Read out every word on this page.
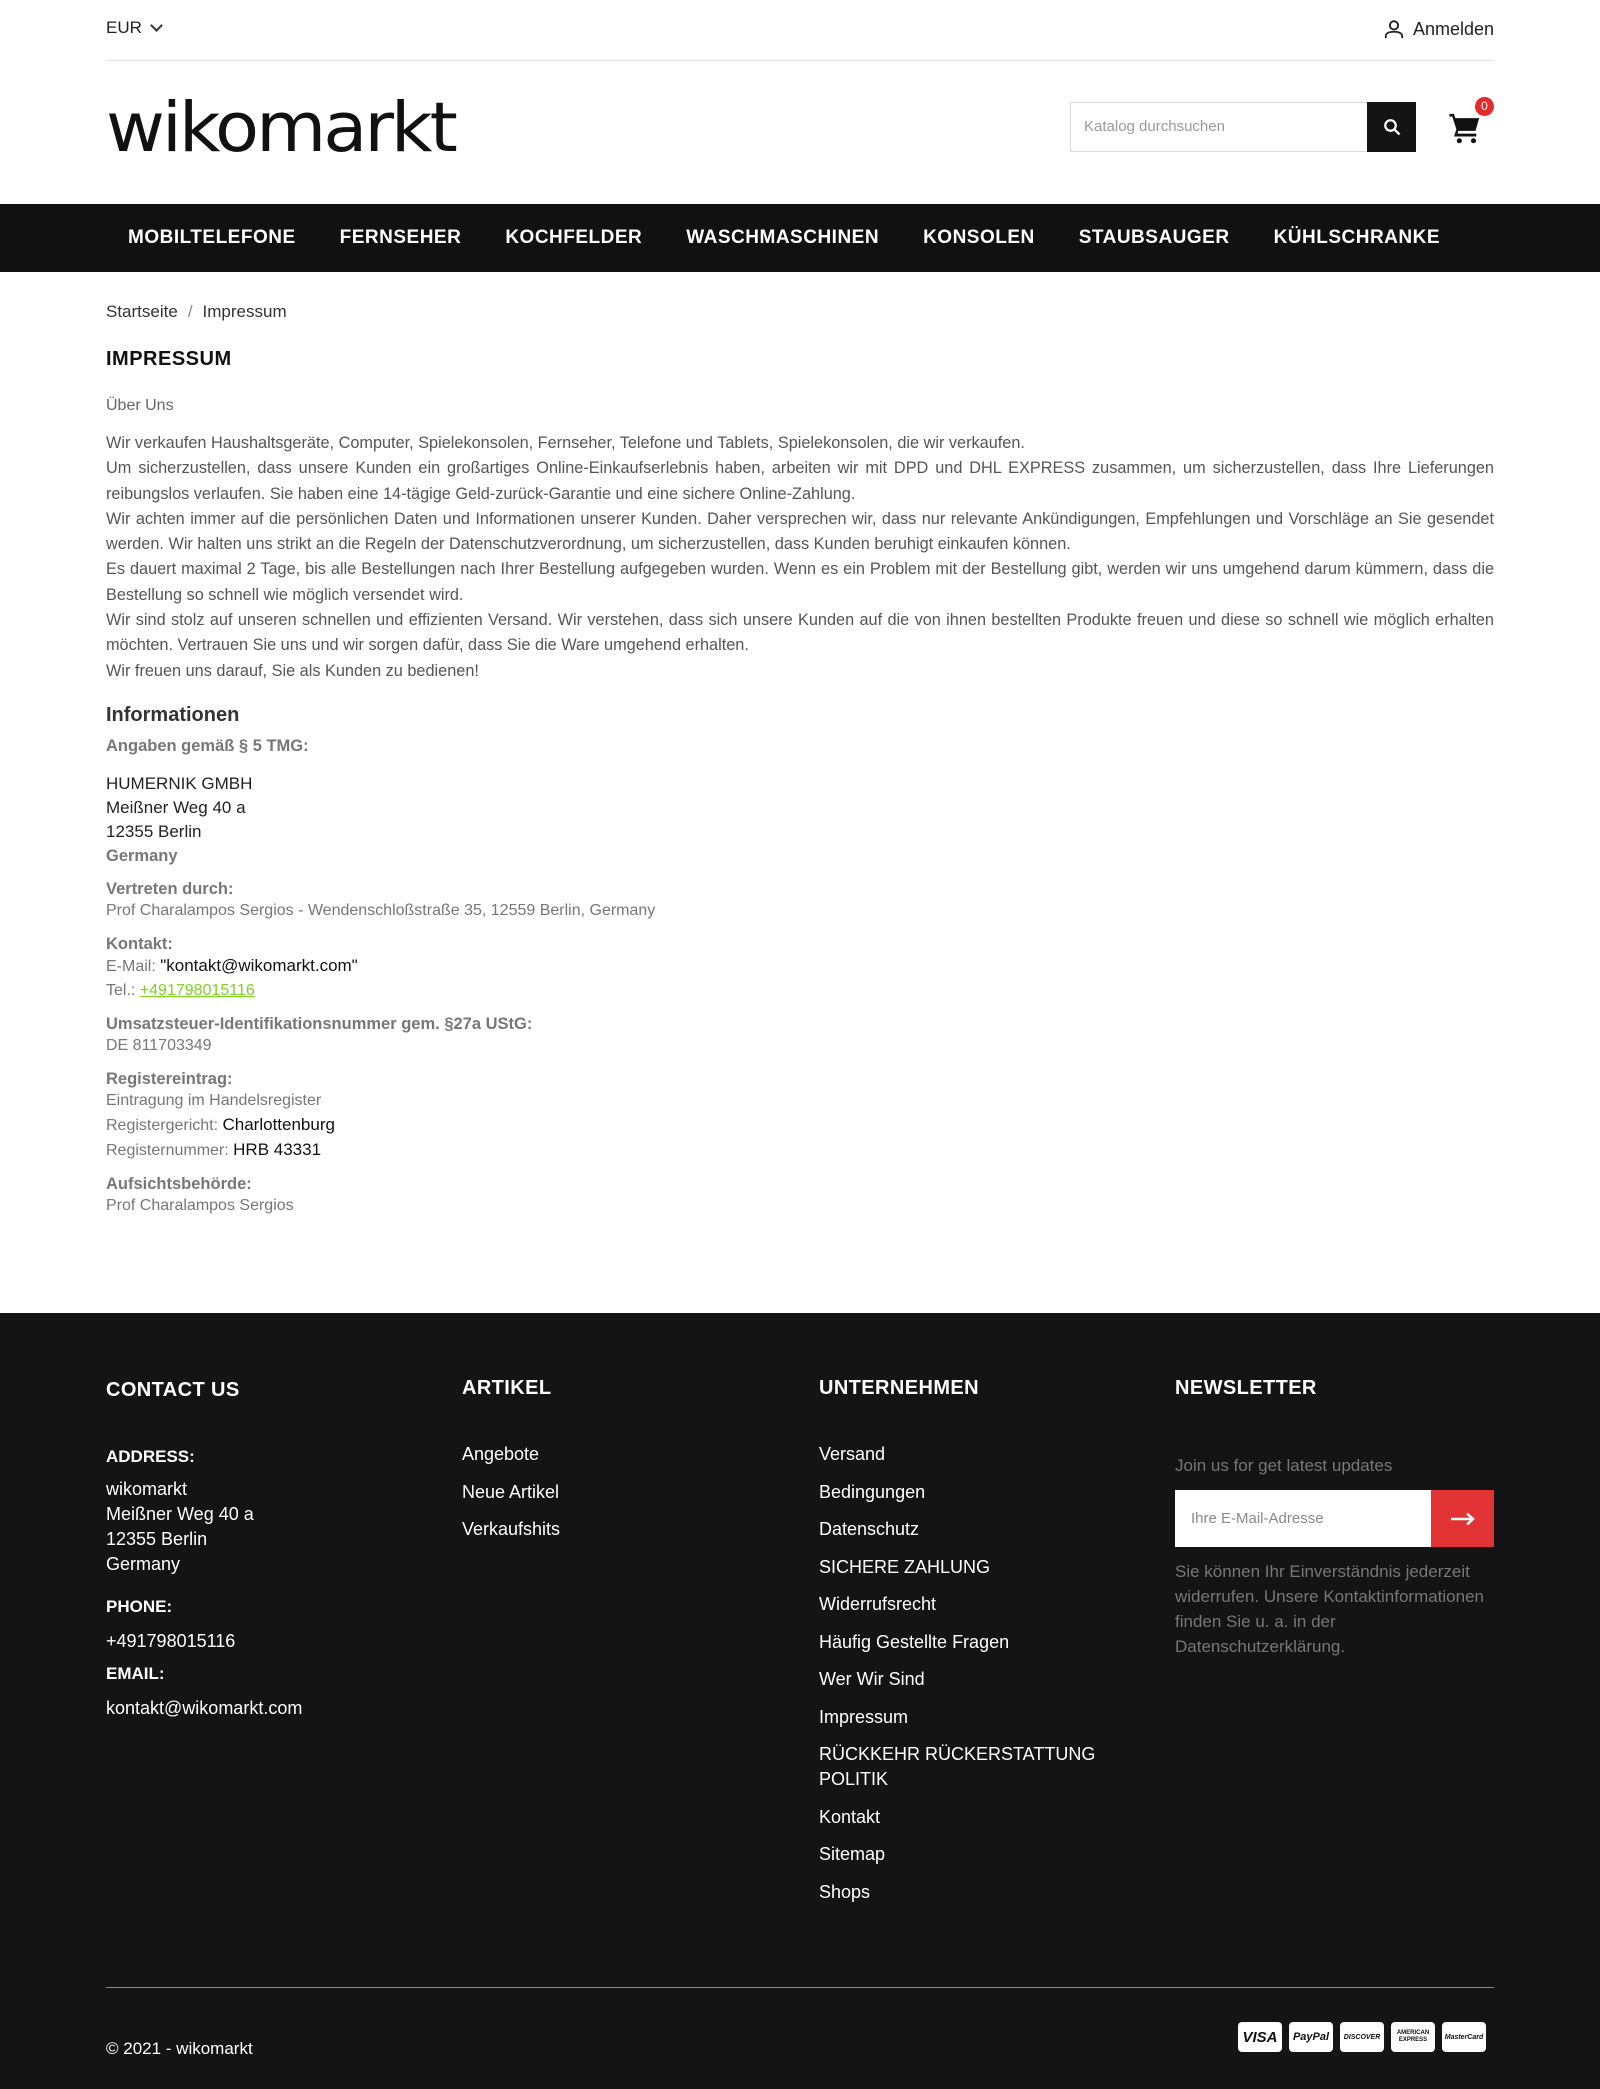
EUR	Anmelden
wikomarkt
Katalog durchsuchen	0
MOBILTELEFONE	FERNSEHER	KOCHFELDER	WASCHMASCHINEN	KONSOLEN	STAUBSAUGER	KÜHLSCHRANKE
Startseite / Impressum
IMPRESSUM
Über Uns

Wir verkaufen Haushaltsgeräte, Computer, Spielekonsolen, Fernseher, Telefone und Tablets, Spielekonsolen, die wir verkaufen.

Um sicherzustellen, dass unsere Kunden ein großartiges Online-Einkaufserlebnis haben, arbeiten wir mit DPD und DHL EXPRESS zusammen, um sicherzustellen, dass Ihre Lieferungen reibungslos verlaufen. Sie haben eine 14-tägige Geld-zurück-Garantie und eine sichere Online-Zahlung.

Wir achten immer auf die persönlichen Daten und Informationen unserer Kunden. Daher versprechen wir, dass nur relevante Ankündigungen, Empfehlungen und Vorschläge an Sie gesendet werden. Wir halten uns strikt an die Regeln der Datenschutzverordnung, um sicherzustellen, dass Kunden beruhigt einkaufen können.

Es dauert maximal 2 Tage, bis alle Bestellungen nach Ihrer Bestellung aufgegeben wurden. Wenn es ein Problem mit der Bestellung gibt, werden wir uns umgehend darum kümmern, dass die Bestellung so schnell wie möglich versendet wird.

Wir sind stolz auf unseren schnellen und effizienten Versand. Wir verstehen, dass sich unsere Kunden auf die von ihnen bestellten Produkte freuen und diese so schnell wie möglich erhalten möchten. Vertrauen Sie uns und wir sorgen dafür, dass Sie die Ware umgehend erhalten.

Wir freuen uns darauf, Sie als Kunden zu bedienen!

Informationen
Angaben gemäß § 5 TMG:
HUMERNIK GMBH
Meißner Weg 40 a
12355 Berlin
Germany
Vertreten durch:
Prof Charalampos Sergios - Wendenschloßstraße 35, 12559 Berlin, Germany
Kontakt:
E-Mail: "kontakt@wikomarkt.com"
Tel.: +491798015116
Umsatzsteuer-Identifikationsnummer gem. §27a UStG:
DE 811703349
Registereintrag:
Eintragung im Handelsregister
Registergericht: Charlottenburg
Registernummer: HRB 43331
Aufsichtsbehörde:
Prof Charalampos Sergios
CONTACT US
ADDRESS:
wikomarkt
Meißner Weg 40 a
12355 Berlin
Germany
PHONE:
+491798015116
EMAIL:
kontakt@wikomarkt.com
ARTIKEL
Angebote
Neue Artikel
Verkaufshits
UNTERNEHMEN
Versand
Bedingungen
Datenschutz
SICHERE ZAHLUNG
Widerrufsrecht
Häufig Gestellte Fragen
Wer Wir Sind
Impressum
RÜCKKEHR RÜCKERSTATTUNG POLITIK
Kontakt
Sitemap
Shops
NEWSLETTER
Join us for get latest updates
Ihre E-Mail-Adresse
Sie können Ihr Einverständnis jederzeit widerrufen. Unsere Kontaktinformationen finden Sie u. a. in der Datenschutzerklärung.
© 2021 - wikomarkt
VISA	PayPal	DISCOVER
AMERICAN EXPRESS	MasterCard
